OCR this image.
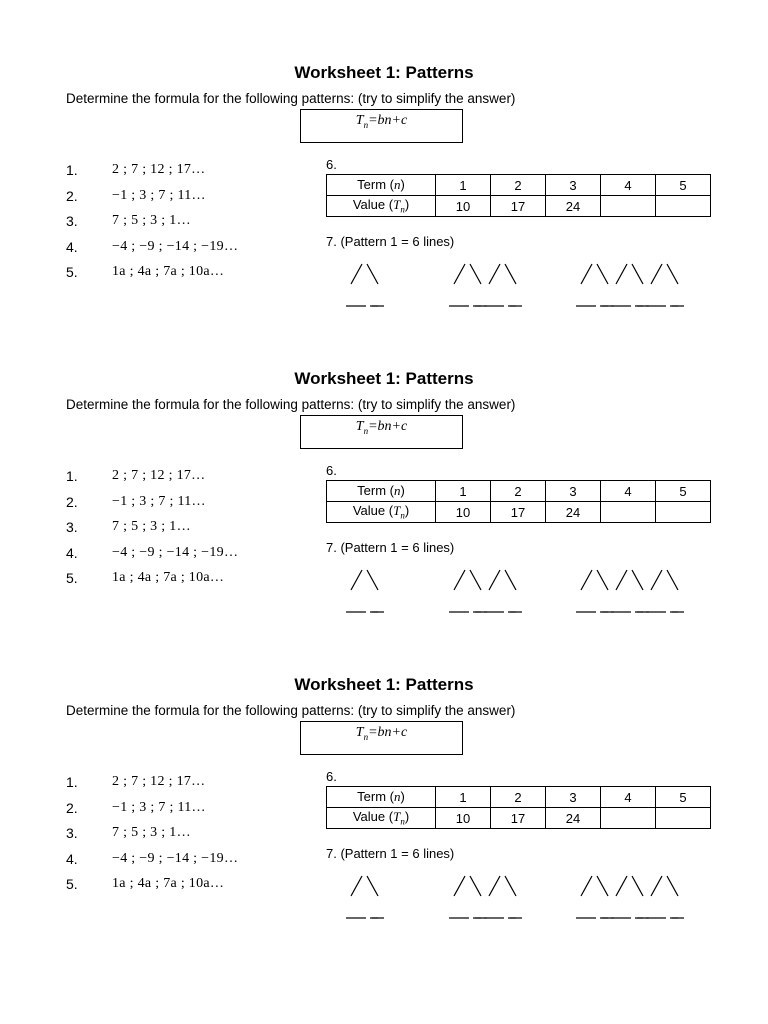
Worksheet 1: Patterns
Determine the formula for the following patterns: (try to simplify the answer)
$T_n=bn+c$
1.	2 ; 7 ; 12 ; 17…
2.	−1 ; 3 ; 7 ; 11…
3.	7 ; 5 ; 3 ; 1…
4.	−4 ; −9 ; −14 ; −19…
5.	1a ; 4a ; 7a ; 10a…
6.
Term (n)	1	2	3	4	5
Value $(T_n)$	10	17	24		
7. (Pattern 1 = 6 lines)
Worksheet 1: Patterns
Determine the formula for the following patterns: (try to simplify the answer)
$T_n=bn+c$
1.	2 ; 7 ; 12 ; 17…
2.	−1 ; 3 ; 7 ; 11…
3.	7 ; 5 ; 3 ; 1…
4.	−4 ; −9 ; −14 ; −19…
5.	1a ; 4a ; 7a ; 10a…
6.
Term (n)	1	2	3	4	5
Value $(T_n)$	10	17	24		
7. (Pattern 1 = 6 lines)
Worksheet 1: Patterns
Determine the formula for the following patterns: (try to simplify the answer)
$T_n=bn+c$
1.	2 ; 7 ; 12 ; 17…
2.	−1 ; 3 ; 7 ; 11…
3.	7 ; 5 ; 3 ; 1…
4.	−4 ; −9 ; −14 ; −19…
5.	1a ; 4a ; 7a ; 10a…
6.
Term (n)	1	2	3	4	5
Value $(T_n)$	10	17	24		
7. (Pattern 1 = 6 lines)
